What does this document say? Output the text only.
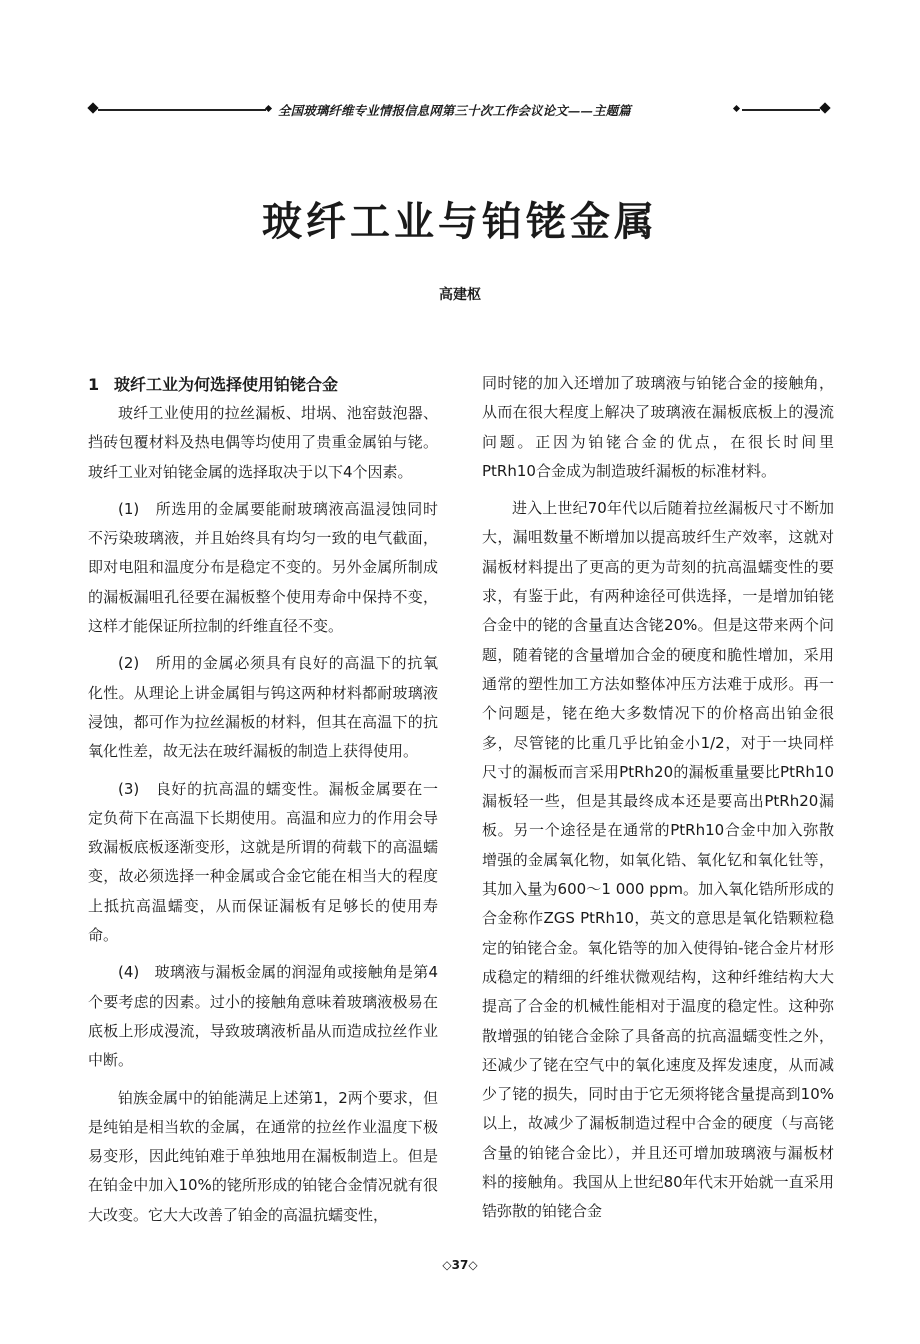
全国玻璃纤维专业情报信息网第三十次工作会议论文——主题篇
玻纤工业与铂铑金属
高建枢
1 玻纤工业为何选择使用铂铑合金

玻纤工业使用的拉丝漏板、坩埚、池窑鼓泡器、挡砖包覆材料及热电偶等均使用了贵重金属铂与铑。玻纤工业对铂铑金属的选择取决于以下4个因素。

(1)　所选用的金属要能耐玻璃液高温浸蚀同时不污染玻璃液，并且始终具有均匀一致的电气截面，即对电阻和温度分布是稳定不变的。另外金属所制成的漏板漏咀孔径要在漏板整个使用寿命中保持不变，这样才能保证所拉制的纤维直径不变。

(2)　所用的金属必须具有良好的高温下的抗氧化性。从理论上讲金属钼与钨这两种材料都耐玻璃液浸蚀，都可作为拉丝漏板的材料，但其在高温下的抗氧化性差，故无法在玻纤漏板的制造上获得使用。

(3)　良好的抗高温的蠕变性。漏板金属要在一定负荷下在高温下长期使用。高温和应力的作用会导致漏板底板逐渐变形，这就是所谓的荷载下的高温蠕变，故必须选择一种金属或合金它能在相当大的程度上抵抗高温蠕变，从而保证漏板有足够长的使用寿命。

(4)　玻璃液与漏板金属的润湿角或接触角是第4个要考虑的因素。过小的接触角意味着玻璃液极易在底板上形成漫流，导致玻璃液析晶从而造成拉丝作业中断。

铂族金属中的铂能满足上述第1，2两个要求，但是纯铂是相当软的金属，在通常的拉丝作业温度下极易变形，因此纯铂难于单独地用在漏板制造上。但是在铂金中加入10%的铑所形成的铂铑合金情况就有很大改变。它大大改善了铂金的高温抗蠕变性，

同时铑的加入还增加了玻璃液与铂铑合金的接触角，从而在很大程度上解决了玻璃液在漏板底板上的漫流问题。正因为铂铑合金的优点，在很长时间里PtRh10合金成为制造玻纤漏板的标准材料。

进入上世纪70年代以后随着拉丝漏板尺寸不断加大，漏咀数量不断增加以提高玻纤生产效率，这就对漏板材料提出了更高的更为苛刻的抗高温蠕变性的要求，有鉴于此，有两种途径可供选择，一是增加铂铑合金中的铑的含量直达含铑20%。但是这带来两个问题，随着铑的含量增加合金的硬度和脆性增加，采用通常的塑性加工方法如整体冲压方法难于成形。再一个问题是，铑在绝大多数情况下的价格高出铂金很多，尽管铑的比重几乎比铂金小1/2，对于一块同样尺寸的漏板而言采用PtRh20的漏板重量要比PtRh10漏板轻一些，但是其最终成本还是要高出PtRh20漏板。另一个途径是在通常的PtRh10合金中加入弥散增强的金属氧化物，如氧化锆、氧化钇和氧化钍等，其加入量为600～1 000 ppm。加入氧化锆所形成的合金称作ZGS PtRh10，英文的意思是氧化锆颗粒稳定的铂铑合金。氧化锆等的加入使得铂-铑合金片材形成稳定的精细的纤维状微观结构，这种纤维结构大大提高了合金的机械性能相对于温度的稳定性。这种弥散增强的铂铑合金除了具备高的抗高温蠕变性之外，还减少了铑在空气中的氧化速度及挥发速度，从而减少了铑的损失，同时由于它无须将铑含量提高到10%以上，故减少了漏板制造过程中合金的硬度（与高铑含量的铂铑合金比），并且还可增加玻璃液与漏板材料的接触角。我国从上世纪80年代末开始就一直采用锆弥散的铂铑合金

◇37◇
